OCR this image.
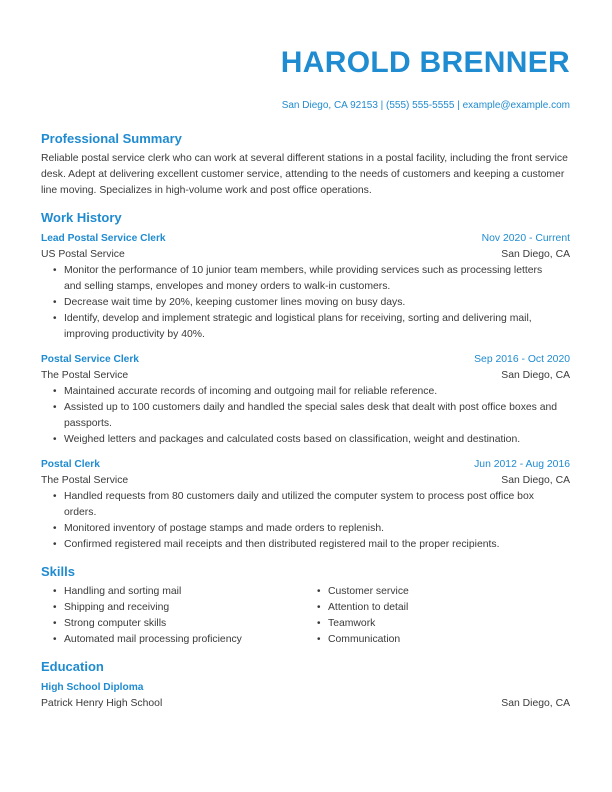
HAROLD BRENNER
San Diego, CA 92153 | (555) 555-5555 | example@example.com
Professional Summary
Reliable postal service clerk who can work at several different stations in a postal facility, including the front service desk. Adept at delivering excellent customer service, attending to the needs of customers and keeping a customer line moving. Specializes in high-volume work and post office operations.
Work History
Lead Postal Service Clerk	Nov 2020 - Current
US Postal Service	San Diego, CA
• Monitor the performance of 10 junior team members, while providing services such as processing letters and selling stamps, envelopes and money orders to walk-in customers.
• Decrease wait time by 20%, keeping customer lines moving on busy days.
• Identify, develop and implement strategic and logistical plans for receiving, sorting and delivering mail, improving productivity by 40%.
Postal Service Clerk	Sep 2016 - Oct 2020
The Postal Service	San Diego, CA
• Maintained accurate records of incoming and outgoing mail for reliable reference.
• Assisted up to 100 customers daily and handled the special sales desk that dealt with post office boxes and passports.
• Weighed letters and packages and calculated costs based on classification, weight and destination.
Postal Clerk	Jun 2012 - Aug 2016
The Postal Service	San Diego, CA
• Handled requests from 80 customers daily and utilized the computer system to process post office box orders.
• Monitored inventory of postage stamps and made orders to replenish.
• Confirmed registered mail receipts and then distributed registered mail to the proper recipients.
Skills
• Handling and sorting mail
• Shipping and receiving
• Strong computer skills
• Automated mail processing proficiency
• Customer service
• Attention to detail
• Teamwork
• Communication
Education
High School Diploma
Patrick Henry High School	San Diego, CA
